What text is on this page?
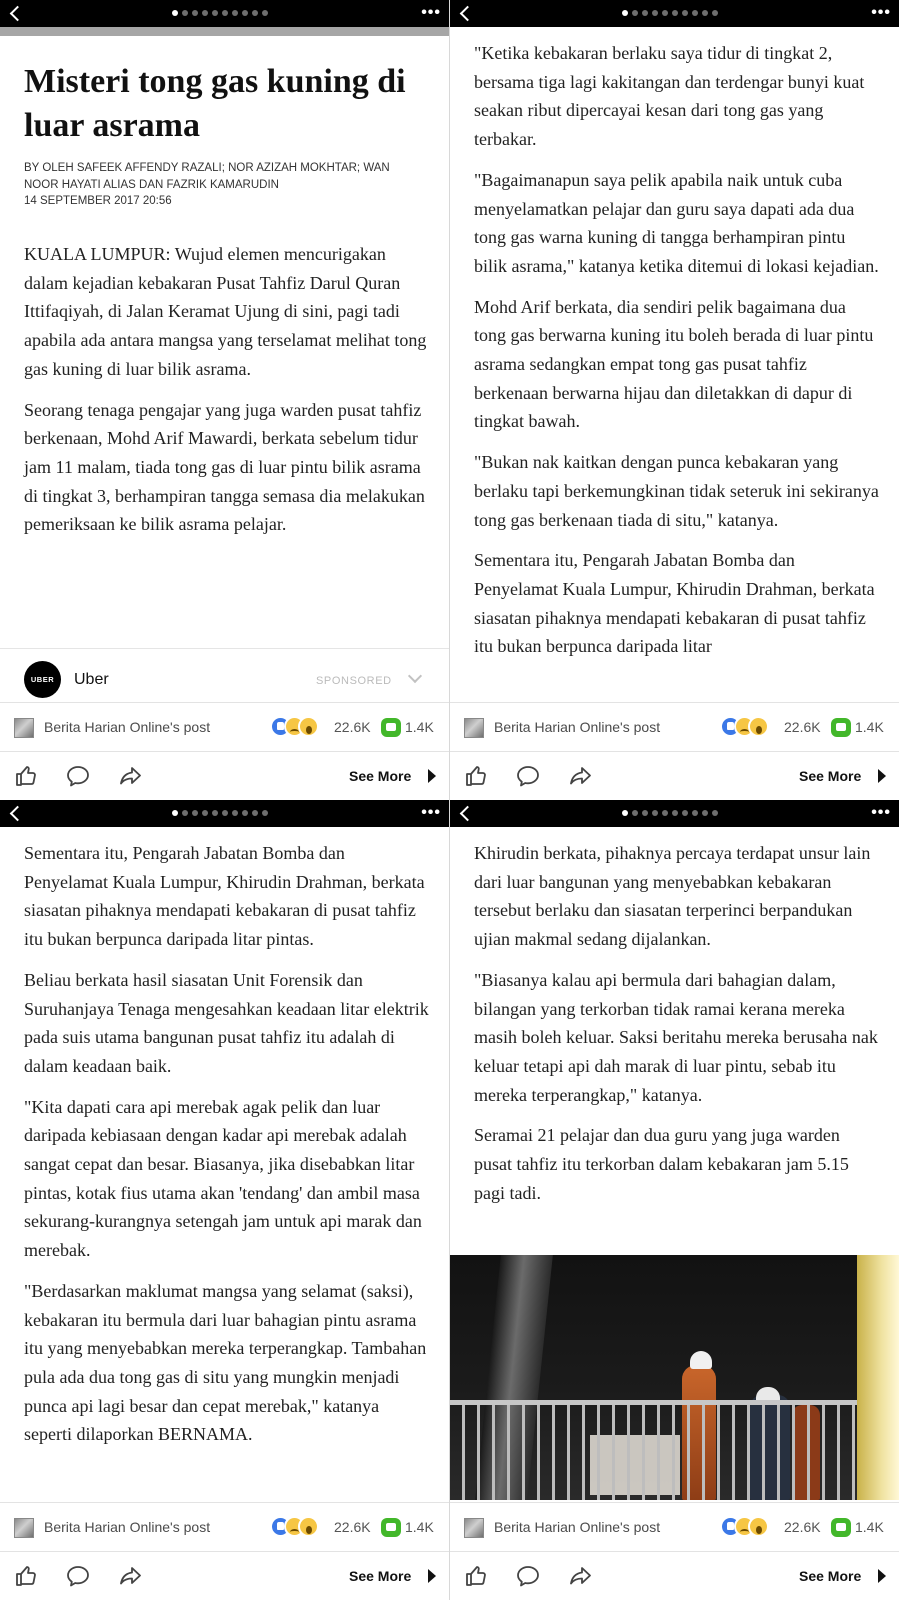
•••
Misteri tong gas kuning di luar asrama
BY OLEH SAFEEK AFFENDY RAZALI; NOR AZIZAH MOKHTAR; WAN NOOR HAYATI ALIAS DAN FAZRIK KAMARUDIN
14 SEPTEMBER 2017 20:56

KUALA LUMPUR: Wujud elemen mencurigakan dalam kejadian kebakaran Pusat Tahfiz Darul Quran Ittifaqiyah, di Jalan Keramat Ujung di sini, pagi tadi apabila ada antara mangsa yang terselamat melihat tong gas kuning di luar bilik asrama.

Seorang tenaga pengajar yang juga warden pusat tahfiz berkenaan, Mohd Arif Mawardi, berkata sebelum tidur jam 11 malam, tiada tong gas di luar pintu bilik asrama di tingkat 3, berhampiran tangga semasa dia melakukan pemeriksaan ke bilik asrama pelajar.

UBER	Uber	SPONSORED
Berita Harian Online's post	22.6K 1.4K
See More
•••

"Ketika kebakaran berlaku saya tidur di tingkat 2, bersama tiga lagi kakitangan dan terdengar bunyi kuat seakan ribut dipercayai kesan dari tong gas yang terbakar.

"Bagaimanapun saya pelik apabila naik untuk cuba menyelamatkan pelajar dan guru saya dapati ada dua tong gas warna kuning di tangga berhampiran pintu bilik asrama," katanya ketika ditemui di lokasi kejadian.

Mohd Arif berkata, dia sendiri pelik bagaimana dua tong gas berwarna kuning itu boleh berada di luar pintu asrama sedangkan empat tong gas pusat tahfiz berkenaan berwarna hijau dan diletakkan di dapur di tingkat bawah.

"Bukan nak kaitkan dengan punca kebakaran yang berlaku tapi berkemungkinan tidak seteruk ini sekiranya tong gas berkenaan tiada di situ," katanya.

Sementara itu, Pengarah Jabatan Bomba dan Penyelamat Kuala Lumpur, Khirudin Drahman, berkata siasatan pihaknya mendapati kebakaran di pusat tahfiz itu bukan berpunca daripada litar

Berita Harian Online's post	22.6K 1.4K
See More
•••

Sementara itu, Pengarah Jabatan Bomba dan Penyelamat Kuala Lumpur, Khirudin Drahman, berkata siasatan pihaknya mendapati kebakaran di pusat tahfiz itu bukan berpunca daripada litar pintas.

Beliau berkata hasil siasatan Unit Forensik dan Suruhanjaya Tenaga mengesahkan keadaan litar elektrik pada suis utama bangunan pusat tahfiz itu adalah di dalam keadaan baik.

"Kita dapati cara api merebak agak pelik dan luar daripada kebiasaan dengan kadar api merebak adalah sangat cepat dan besar. Biasanya, jika disebabkan litar pintas, kotak fius utama akan 'tendang' dan ambil masa sekurang-kurangnya setengah jam untuk api marak dan merebak.

"Berdasarkan maklumat mangsa yang selamat (saksi), kebakaran itu bermula dari luar bahagian pintu asrama itu yang menyebabkan mereka terperangkap. Tambahan pula ada dua tong gas di situ yang mungkin menjadi punca api lagi besar dan cepat merebak," katanya seperti dilaporkan BERNAMA.

Berita Harian Online's post	22.6K 1.4K
See More
•••

Khirudin berkata, pihaknya percaya terdapat unsur lain dari luar bangunan yang menyebabkan kebakaran tersebut berlaku dan siasatan terperinci berpandukan ujian makmal sedang dijalankan.

"Biasanya kalau api bermula dari bahagian dalam, bilangan yang terkorban tidak ramai kerana mereka masih boleh keluar. Saksi beritahu mereka berusaha nak keluar tetapi api dah marak di luar pintu, sebab itu mereka terperangkap," katanya.

Seramai 21 pelajar dan dua guru yang juga warden pusat tahfiz itu terkorban dalam kebakaran jam 5.15 pagi tadi.

Berita Harian Online's post	22.6K 1.4K
See More
